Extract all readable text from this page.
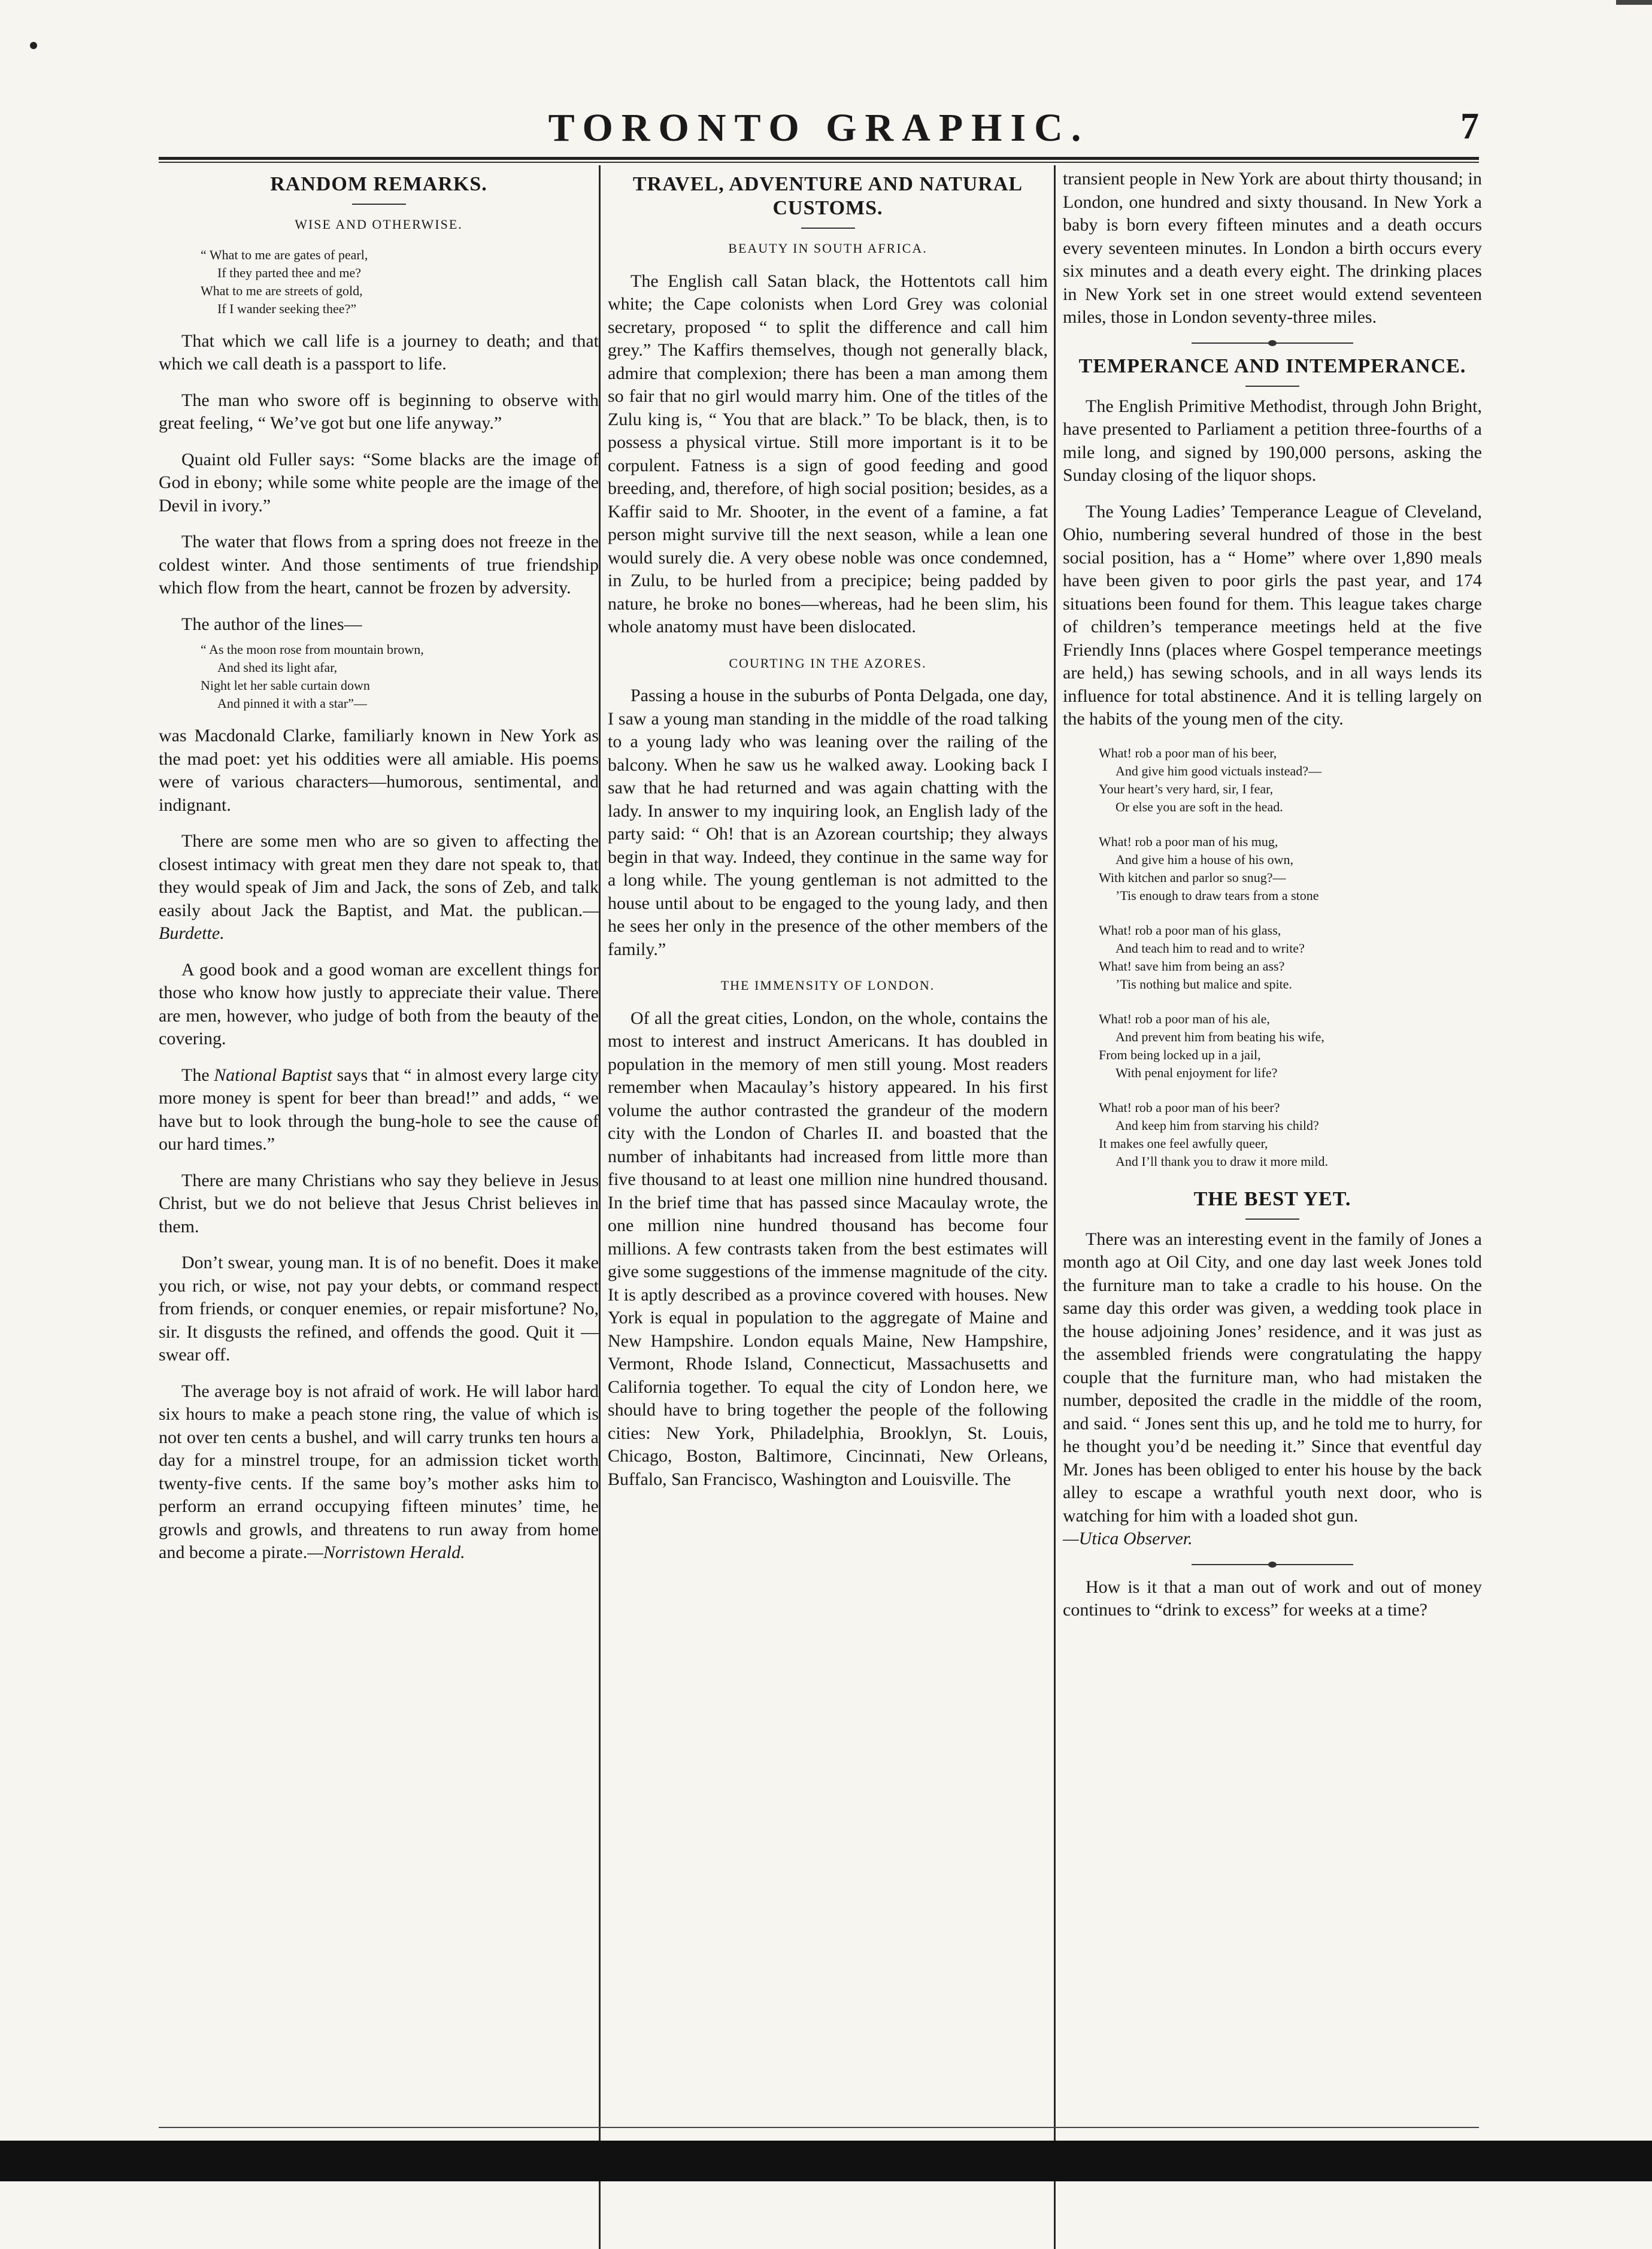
TORONTO GRAPHIC.	7
RANDOM REMARKS.
WISE AND OTHERWISE.
“ What to me are gates of pearl,
If they parted thee and me?
What to me are streets of gold,
If I wander seeking thee?”

That which we call life is a journey to death; and that which we call death is a passport to life.

The man who swore off is beginning to observe with great feeling, “ We’ve got but one life anyway.”

Quaint old Fuller says: “Some blacks are the image of God in ebony; while some white people are the image of the Devil in ivory.”

The water that flows from a spring does not freeze in the coldest winter. And those sentiments of true friendship which flow from the heart, cannot be frozen by adversity.

The author of the lines—

“ As the moon rose from mountain brown,
And shed its light afar,
Night let her sable curtain down
And pinned it with a star”—

was Macdonald Clarke, familiarly known in New York as the mad poet: yet his oddities were all amiable. His poems were of various characters—humorous, sentimental, and indignant.

There are some men who are so given to affecting the closest intimacy with great men they dare not speak to, that they would speak of Jim and Jack, the sons of Zeb, and talk easily about Jack the Baptist, and Mat. the publican.—Burdette.

A good book and a good woman are excellent things for those who know how justly to appreciate their value. There are men, however, who judge of both from the beauty of the covering.

The National Baptist says that “ in almost every large city more money is spent for beer than bread!” and adds, “ we have but to look through the bung-hole to see the cause of our hard times.”

There are many Christians who say they believe in Jesus Christ, but we do not believe that Jesus Christ believes in them.

Don’t swear, young man. It is of no benefit. Does it make you rich, or wise, not pay your debts, or command respect from friends, or conquer enemies, or repair misfortune? No, sir. It disgusts the refined, and offends the good. Quit it —swear off.

The average boy is not afraid of work. He will labor hard six hours to make a peach stone ring, the value of which is not over ten cents a bushel, and will carry trunks ten hours a day for a minstrel troupe, for an admission ticket worth twenty-five cents. If the same boy’s mother asks him to perform an errand occupying fifteen minutes’ time, he growls and growls, and threatens to run away from home and become a pirate.—Norristown Herald.

TRAVEL, ADVENTURE AND NATURAL CUSTOMS.
BEAUTY IN SOUTH AFRICA.

The English call Satan black, the Hottentots call him white; the Cape colonists when Lord Grey was colonial secretary, proposed “ to split the difference and call him grey.” The Kaffirs themselves, though not generally black, admire that complexion; there has been a man among them so fair that no girl would marry him. One of the titles of the Zulu king is, “ You that are black.” To be black, then, is to possess a physical virtue. Still more important is it to be corpulent. Fatness is a sign of good feeding and good breeding, and, therefore, of high social position; besides, as a Kaffir said to Mr. Shooter, in the event of a famine, a fat person might survive till the next season, while a lean one would surely die. A very obese noble was once condemned, in Zulu, to be hurled from a precipice; being padded by nature, he broke no bones—whereas, had he been slim, his whole anatomy must have been dislocated.

COURTING IN THE AZORES.

Passing a house in the suburbs of Ponta Delgada, one day, I saw a young man standing in the middle of the road talking to a young lady who was leaning over the railing of the balcony. When he saw us he walked away. Looking back I saw that he had returned and was again chatting with the lady. In answer to my inquiring look, an English lady of the party said: “ Oh! that is an Azorean courtship; they always begin in that way. Indeed, they continue in the same way for a long while. The young gentleman is not admitted to the house until about to be engaged to the young lady, and then he sees her only in the presence of the other members of the family.”

THE IMMENSITY OF LONDON.

Of all the great cities, London, on the whole, contains the most to interest and instruct Americans. It has doubled in population in the memory of men still young. Most readers remember when Macaulay’s history appeared. In his first volume the author contrasted the grandeur of the modern city with the London of Charles II. and boasted that the number of inhabitants had increased from little more than five thousand to at least one million nine hundred thousand. In the brief time that has passed since Macaulay wrote, the one million nine hundred thousand has become four millions. A few contrasts taken from the best estimates will give some suggestions of the immense magnitude of the city. It is aptly described as a province covered with houses. New York is equal in population to the aggregate of Maine and New Hampshire. London equals Maine, New Hampshire, Vermont, Rhode Island, Connecticut, Massachusetts and California together. To equal the city of London here, we should have to bring together the people of the following cities: New York, Philadelphia, Brooklyn, St. Louis, Chicago, Boston, Baltimore, Cincinnati, New Orleans, Buffalo, San Francisco, Washington and Louisville. The

transient people in New York are about thirty thousand; in London, one hundred and sixty thousand. In New York a baby is born every fifteen minutes and a death occurs every seventeen minutes. In London a birth occurs every six minutes and a death every eight. The drinking places in New York set in one street would extend seventeen miles, those in London seventy-three miles.

TEMPERANCE AND INTEMPERANCE.

The English Primitive Methodist, through John Bright, have presented to Parliament a petition three-fourths of a mile long, and signed by 190,000 persons, asking the Sunday closing of the liquor shops.

The Young Ladies’ Temperance League of Cleveland, Ohio, numbering several hundred of those in the best social position, has a “ Home” where over 1,890 meals have been given to poor girls the past year, and 174 situations been found for them. This league takes charge of children’s temperance meetings held at the five Friendly Inns (places where Gospel temperance meetings are held,) has sewing schools, and in all ways lends its influence for total abstinence. And it is telling largely on the habits of the young men of the city.

What! rob a poor man of his beer,
And give him good victuals instead?—
Your heart’s very hard, sir, I fear,
Or else you are soft in the head.
What! rob a poor man of his mug,
And give him a house of his own,
With kitchen and parlor so snug?—
’Tis enough to draw tears from a stone
What! rob a poor man of his glass,
And teach him to read and to write?
What! save him from being an ass?
’Tis nothing but malice and spite.
What! rob a poor man of his ale,
And prevent him from beating his wife,
From being locked up in a jail,
With penal enjoyment for life?
What! rob a poor man of his beer?
And keep him from starving his child?
It makes one feel awfully queer,
And I’ll thank you to draw it more mild.
THE BEST YET.

There was an interesting event in the family of Jones a month ago at Oil City, and one day last week Jones told the furniture man to take a cradle to his house. On the same day this order was given, a wedding took place in the house adjoining Jones’ residence, and it was just as the assembled friends were congratulating the happy couple that the furniture man, who had mistaken the number, deposited the cradle in the middle of the room, and said. “ Jones sent this up, and he told me to hurry, for he thought you’d be needing it.” Since that eventful day Mr. Jones has been obliged to enter his house by the back alley to escape a wrathful youth next door, who is watching for him with a loaded shot gun.
—Utica Observer.

How is it that a man out of work and out of money continues to “drink to excess” for weeks at a time?
